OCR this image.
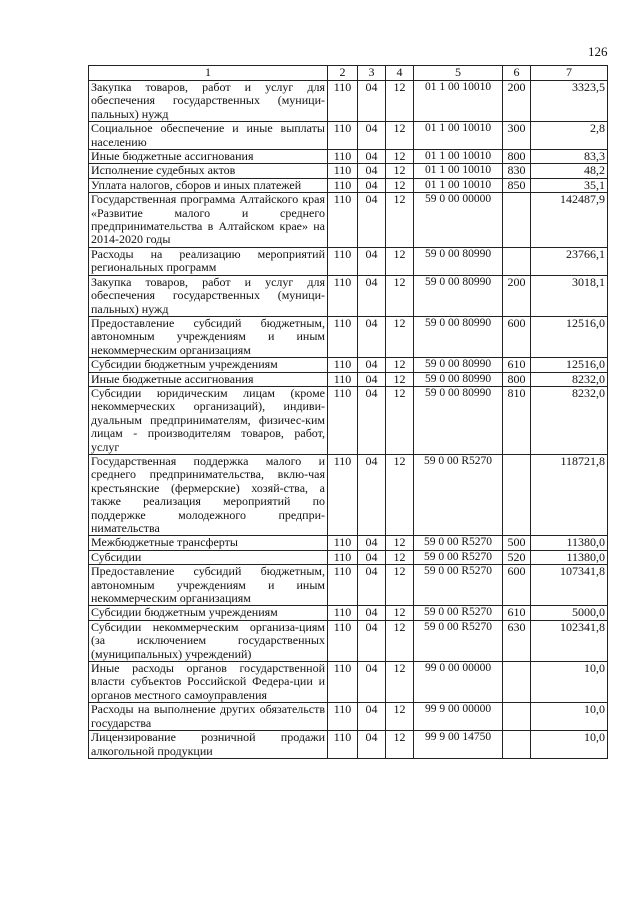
126
1	2	3	4	5	6	7
Закупка товаров, работ и услуг для обеспечения государственных (муници-пальных) нужд	110	04	12	01 1 00 10010	200	3323,5
Социальное обеспечение и иные выплаты населению	110	04	12	01 1 00 10010	300	2,8
Иные бюджетные ассигнования	110	04	12	01 1 00 10010	800	83,3
Исполнение судебных актов	110	04	12	01 1 00 10010	830	48,2
Уплата налогов, сборов и иных платежей	110	04	12	01 1 00 10010	850	35,1
Государственная программа Алтайского края «Развитие малого и среднего предпринимательства в Алтайском крае» на 2014-2020 годы	110	04	12	59 0 00 00000		142487,9
Расходы на реализацию мероприятий региональных программ	110	04	12	59 0 00 80990		23766,1
Закупка товаров, работ и услуг для обеспечения государственных (муници-пальных) нужд	110	04	12	59 0 00 80990	200	3018,1
Предоставление субсидий бюджетным, автономным учреждениям и иным некоммерческим организациям	110	04	12	59 0 00 80990	600	12516,0
Субсидии бюджетным учреждениям	110	04	12	59 0 00 80990	610	12516,0
Иные бюджетные ассигнования	110	04	12	59 0 00 80990	800	8232,0
Субсидии юридическим лицам (кроме некоммерческих организаций), индиви-дуальным предпринимателям, физичес-ким лицам - производителям товаров, работ, услуг	110	04	12	59 0 00 80990	810	8232,0
Государственная поддержка малого и среднего предпринимательства, вклю-чая крестьянские (фермерские) хозяй-ства, а также реализация мероприятий по поддержке молодежного предпри-нимательства	110	04	12	59 0 00 R5270		118721,8
Межбюджетные трансферты	110	04	12	59 0 00 R5270	500	11380,0
Субсидии	110	04	12	59 0 00 R5270	520	11380,0
Предоставление субсидий бюджетным, автономным учреждениям и иным некоммерческим организациям	110	04	12	59 0 00 R5270	600	107341,8
Субсидии бюджетным учреждениям	110	04	12	59 0 00 R5270	610	5000,0
Субсидии некоммерческим организа-циям (за исключением государственных (муниципальных) учреждений)	110	04	12	59 0 00 R5270	630	102341,8
Иные расходы органов государственной власти субъектов Российской Федера-ции и органов местного самоуправления	110	04	12	99 0 00 00000		10,0
Расходы на выполнение других обязательств государства	110	04	12	99 9 00 00000		10,0
Лицензирование розничной продажи алкогольной продукции	110	04	12	99 9 00 14750		10,0
